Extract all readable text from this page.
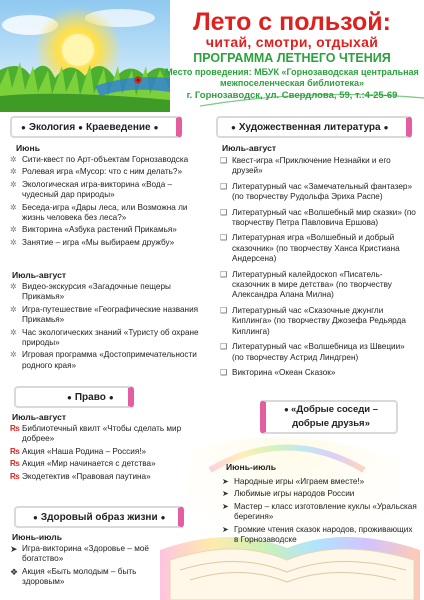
Лето с пользой:
читай, смотри, отдыхай
ПРОГРАММА ЛЕТНЕГО ЧТЕНИЯ
Место проведения: МБУК «Горнозаводская центральная межпоселенческая библиотека»
г. Горнозаводск, ул. Свердлова, 59, т.:4-25-69
● Экология ● Краеведение ●
Июнь
✲ Сити-квест по Арт-объектам Горнозаводска
✲ Ролевая игра «Мусор: что с ним делать?»
✲ Экологическая игра-викторина «Вода – чудесный дар природы»
✲ Беседа-игра «Дары леса, или Возможна ли жизнь человека без леса?»
✲ Викторина «Азбука растений Прикамья»
✲ Занятие – игра «Мы выбираем дружбу»
Июль-август
✲ Видео-экскурсия «Загадочные пещеры Прикамья»
✲ Игра-путешествие «Географические названия Прикамья»
✲ Час экологических знаний «Туристу об охране природы»
✲ Игровая программа «Достопримечательности родного края»
● Право ●
Июль-август
₨ Библиотечный квилт «Чтобы сделать мир добрее»
₨ Акция «Наша Родина – Россия!»
₨ Акция «Мир начинается с детства»
₨ Экодетектив «Правовая паутина»
● Здоровый образ жизни ●
Июнь-июль
➤ Игра-викторина «Здоровье – моё богатство»
❖ Акция «Быть молодым – быть здоровым»
● Художественная литература ●
Июль-август
❑ Квест-игра «Приключение Незнайки и его друзей»
❑ Литературный час «Замечательный фантазер» (по творчеству Рудольфа Эриха Распе)
❑ Литературный час «Волшебный мир сказки» (по творчеству Петра Павловича Ершова)
❑ Литературная игра «Волшебный и добрый сказочник» (по творчеству Ханса Кристиана Андерсена)
❑ Литературный калейдоскоп «Писатель-сказочник в мире детства» (по творчеству Александра Алана Милна)
❑ Литературный час «Сказочные джунгли Киплинга» (по творчеству Джозефа Редьярда Киплинга)
❑ Литературный час «Волшебница из Швеции» (по творчеству Астрид Линдгрен)
❑ Викторина «Океан Сказок»
● «Добрые соседи –
добрые друзья»
Июнь-июль
➤ Народные игры «Играем вместе!»
➤ Любимые игры народов России
➤ Мастер – класс изготовление куклы «Уральская берегиня»
➤ Громкие чтения сказок народов, проживающих в Горнозаводске
